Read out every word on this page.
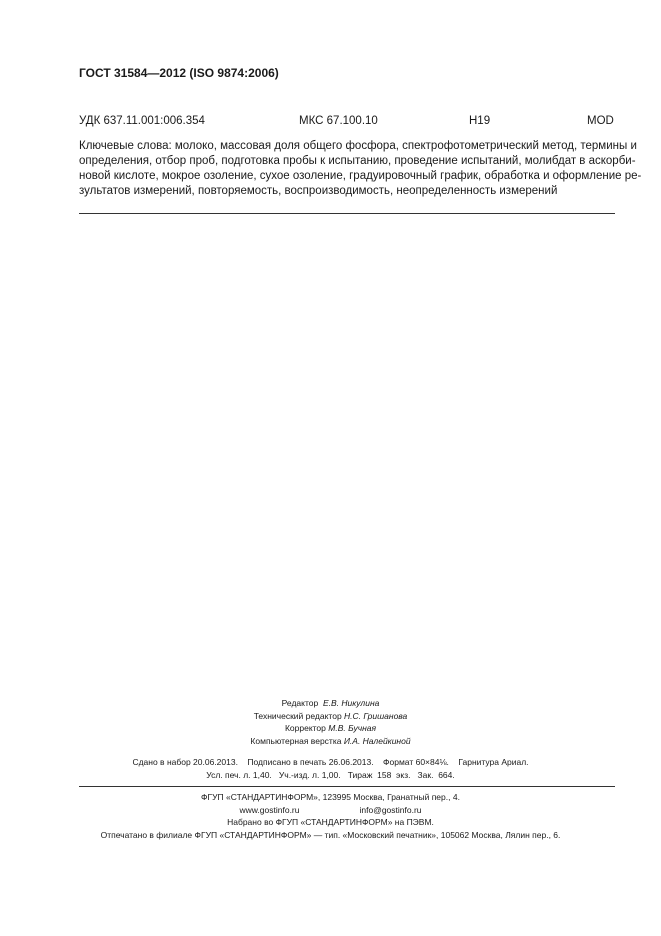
ГОСТ 31584—2012 (ISO 9874:2006)
УДК 637.11.001:006.354	МКС 67.100.10	Н19	MOD

Ключевые слова: молоко, массовая доля общего фосфора, спектрофотометрический метод, термины и
определения, отбор проб, подготовка пробы к испытанию, проведение испытаний, молибдат в аскорби-
новой кислоте, мокрое озоление, сухое озоление, градуировочный график, обработка и оформление ре-
зультатов измерений, повторяемость, воспроизводимость, неопределенность измерений

Редактор Е.В. Никулина
Технический редактор Н.С. Гришанова
Корректор М.В. Бучная
Компьютерная верстка И.А. Налейкиной
Сдано в набор 20.06.2013.    Подписано в печать 26.06.2013.    Формат 60×84⅛.    Гарнитура Ариал.
Усл. печ. л. 1,40.   Уч.-изд. л. 1,00.   Тираж  158  экз.   Зак.  664.
ФГУП «СТАНДАРТИНФОРМ», 123995 Москва, Гранатный пер., 4.
www.gostinfo.ru	info@gostinfo.ru
Набрано во ФГУП «СТАНДАРТИНФОРМ» на ПЭВМ.
Отпечатано в филиале ФГУП «СТАНДАРТИНФОРМ» — тип. «Московский печатник», 105062 Москва, Лялин пер., 6.
